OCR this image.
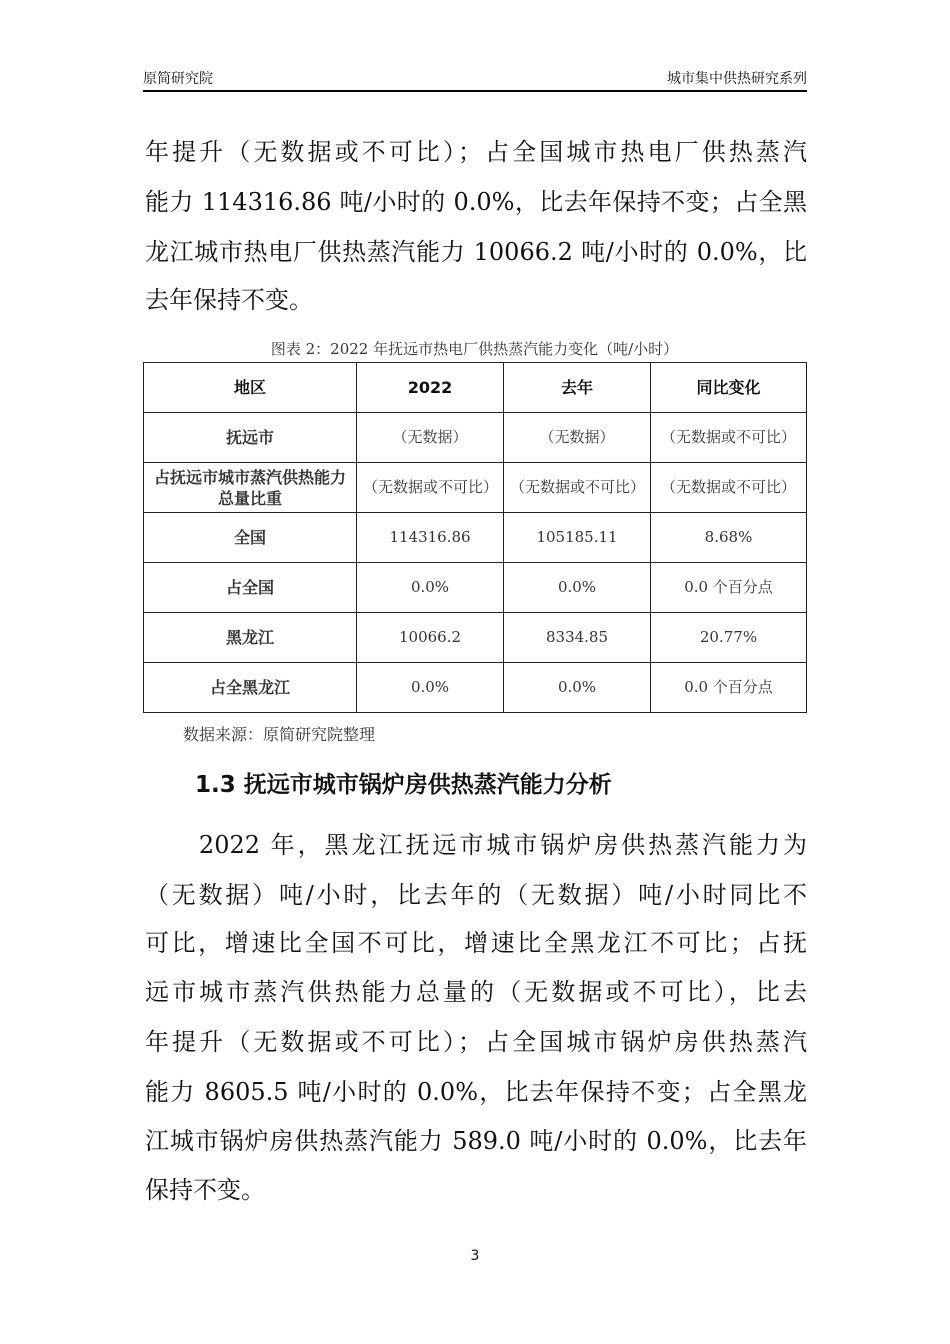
原简研究院	城市集中供热研究系列
年提升（无数据或不可比）；占全国城市热电厂供热蒸汽
能力 114316.86 吨/小时的 0.0%，比去年保持不变；占全黑
龙江城市热电厂供热蒸汽能力 10066.2 吨/小时的 0.0%，比
去年保持不变。
图表 2：2022 年抚远市热电厂供热蒸汽能力变化（吨/小时）
地区	2022	去年	同比变化
抚远市	（无数据）	（无数据）	（无数据或不可比）
占抚远市城市蒸汽供热能力总量比重	（无数据或不可比）	（无数据或不可比）	（无数据或不可比）
全国	114316.86	105185.11	8.68%
占全国	0.0%	0.0%	0.0 个百分点
黑龙江	10066.2	8334.85	20.77%
占全黑龙江	0.0%	0.0%	0.0 个百分点
数据来源：原简研究院整理
1.3 抚远市城市锅炉房供热蒸汽能力分析
　　2022 年，黑龙江抚远市城市锅炉房供热蒸汽能力为
（无数据）吨/小时，比去年的（无数据）吨/小时同比不
可比，增速比全国不可比，增速比全黑龙江不可比；占抚
远市城市蒸汽供热能力总量的（无数据或不可比），比去
年提升（无数据或不可比）；占全国城市锅炉房供热蒸汽
能力 8605.5 吨/小时的 0.0%，比去年保持不变；占全黑龙
江城市锅炉房供热蒸汽能力 589.0 吨/小时的 0.0%，比去年
保持不变。
3
